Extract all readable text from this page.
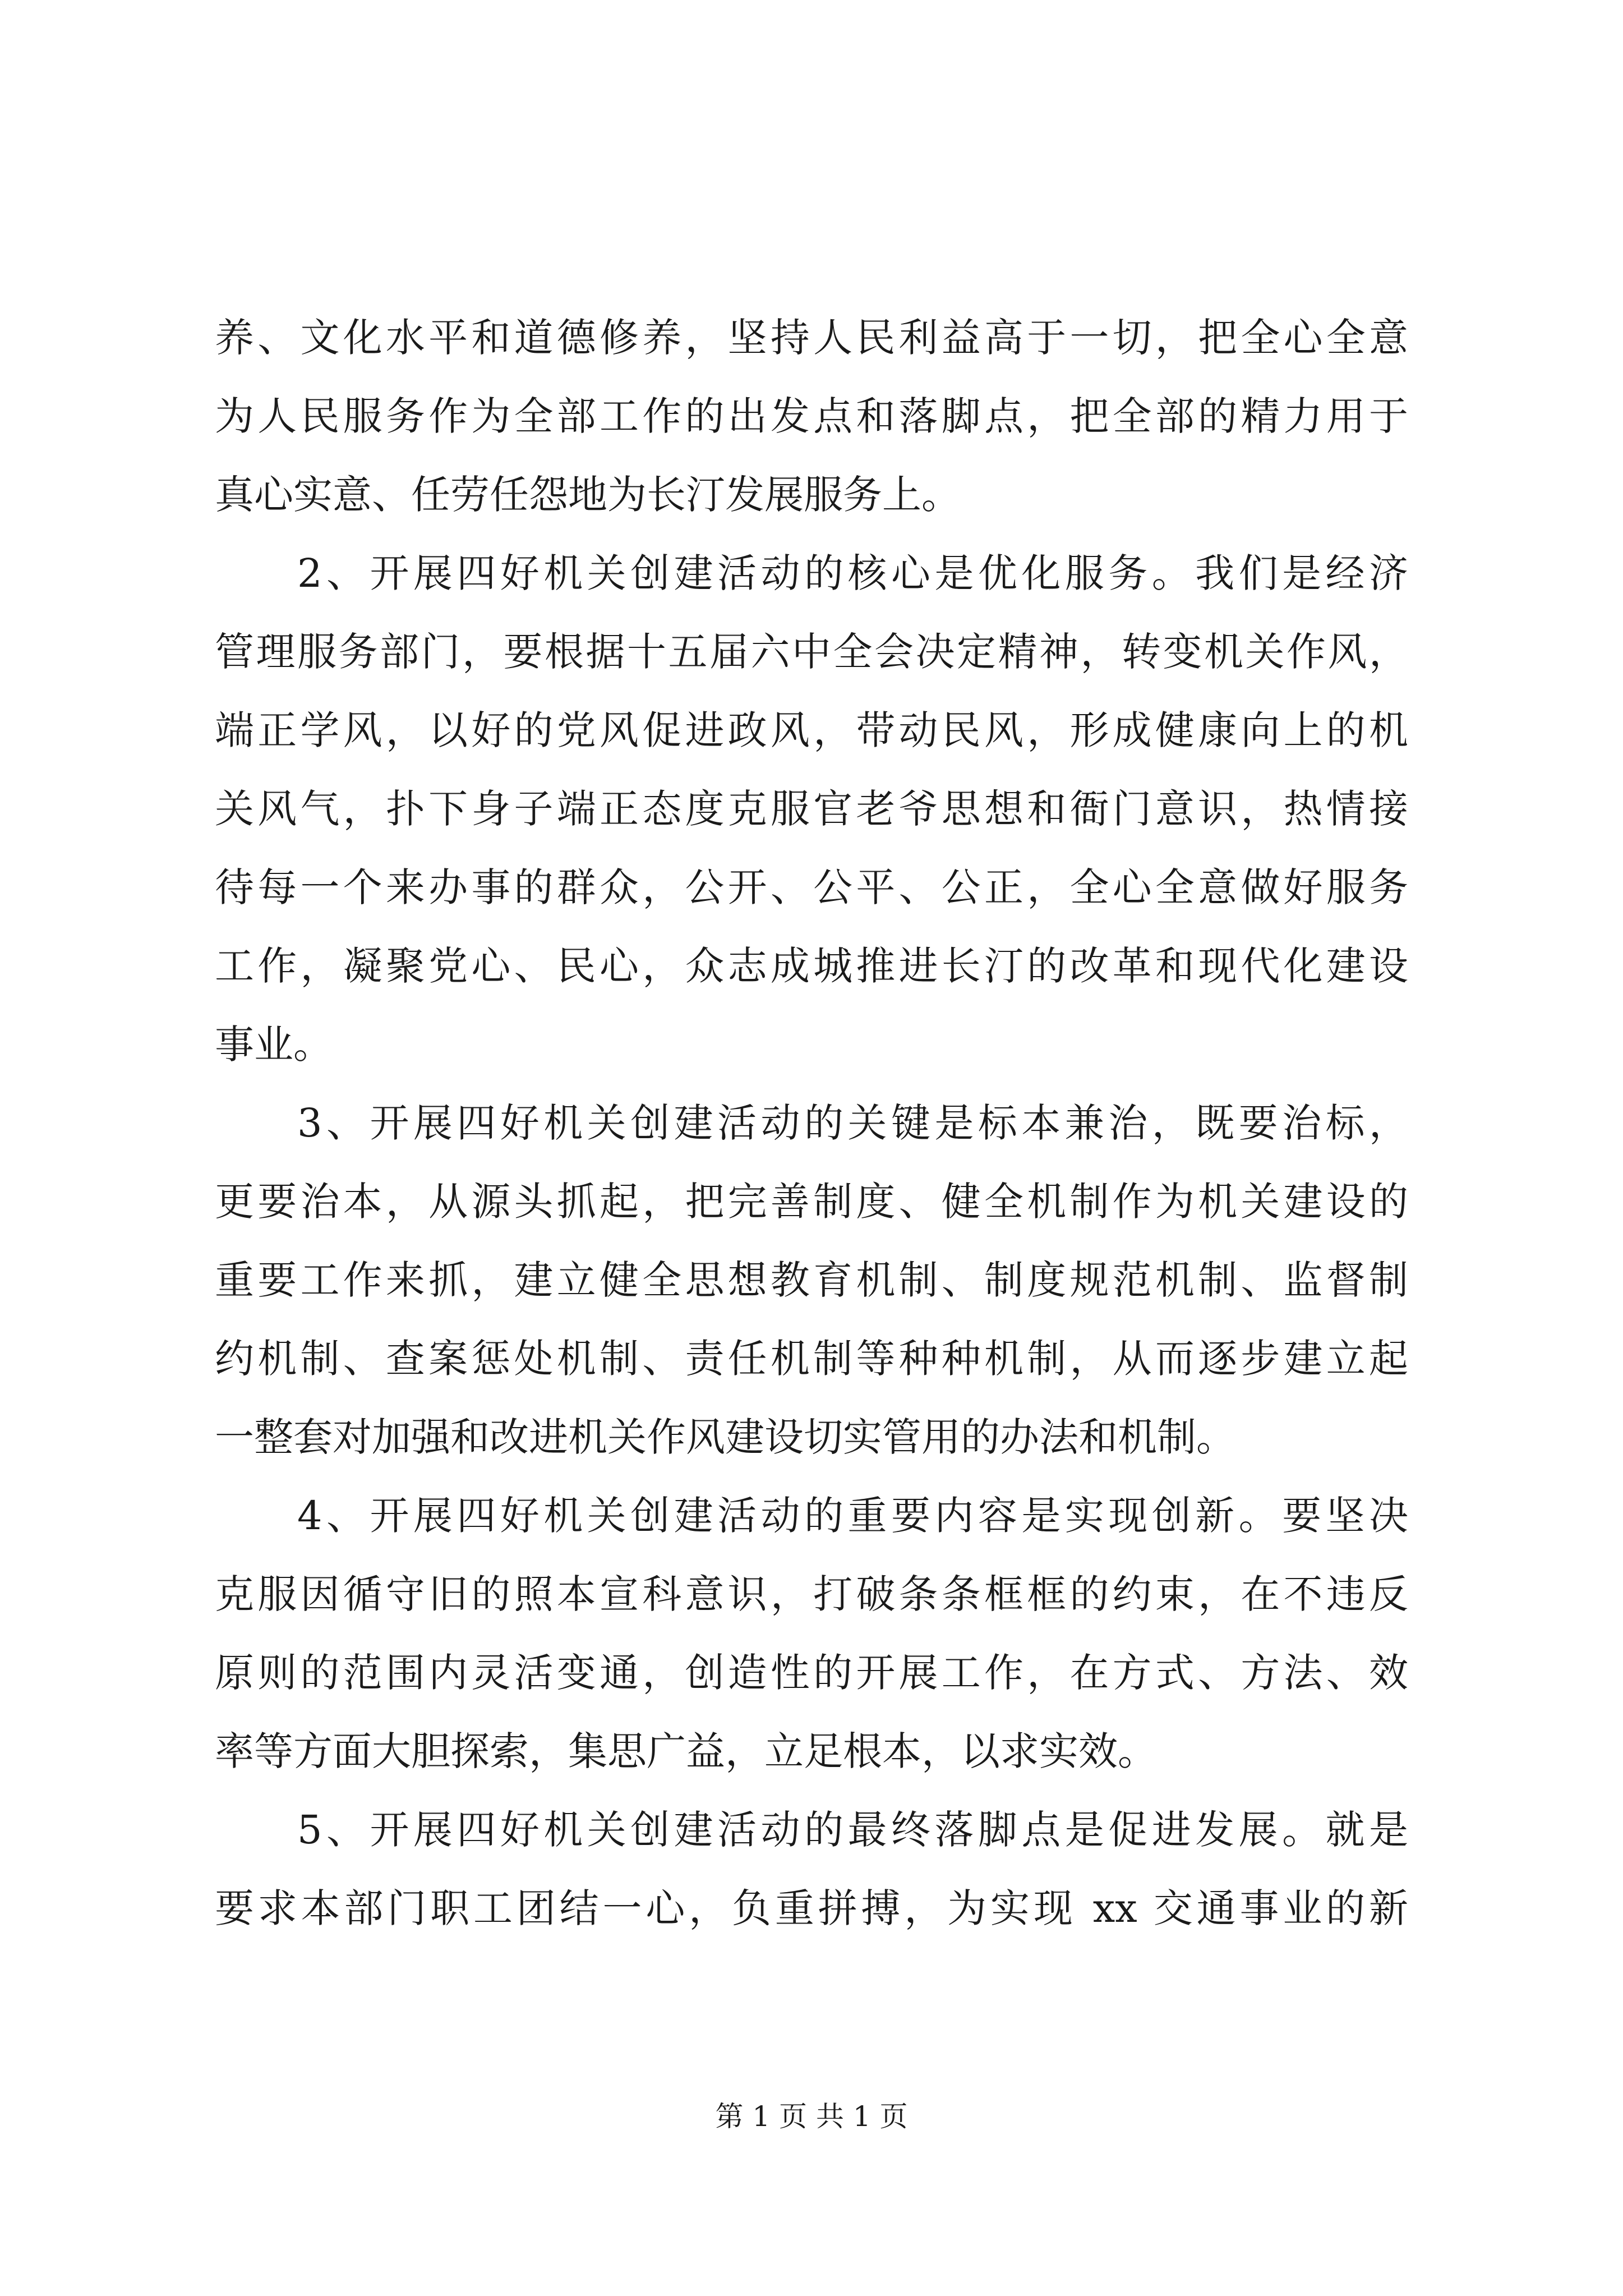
养、文化水平和道德修养，坚持人民利益高于一切，把全心全意
为人民服务作为全部工作的出发点和落脚点，把全部的精力用于
真心实意、任劳任怨地为长汀发展服务上。
2、开展四好机关创建活动的核心是优化服务。我们是经济
管理服务部门，要根据十五届六中全会决定精神，转变机关作风，
端正学风，以好的党风促进政风，带动民风，形成健康向上的机
关风气，扑下身子端正态度克服官老爷思想和衙门意识，热情接
待每一个来办事的群众，公开、公平、公正，全心全意做好服务
工作，凝聚党心、民心，众志成城推进长汀的改革和现代化建设
事业。
3、开展四好机关创建活动的关键是标本兼治，既要治标，
更要治本，从源头抓起，把完善制度、健全机制作为机关建设的
重要工作来抓，建立健全思想教育机制、制度规范机制、监督制
约机制、查案惩处机制、责任机制等种种机制，从而逐步建立起
一整套对加强和改进机关作风建设切实管用的办法和机制。
4、开展四好机关创建活动的重要内容是实现创新。要坚决
克服因循守旧的照本宣科意识，打破条条框框的约束，在不违反
原则的范围内灵活变通，创造性的开展工作，在方式、方法、效
率等方面大胆探索，集思广益，立足根本，以求实效。
5、开展四好机关创建活动的最终落脚点是促进发展。就是
要求本部门职工团结一心，负重拼搏，为实现 xx 交通事业的新
第 1 页 共 1 页
